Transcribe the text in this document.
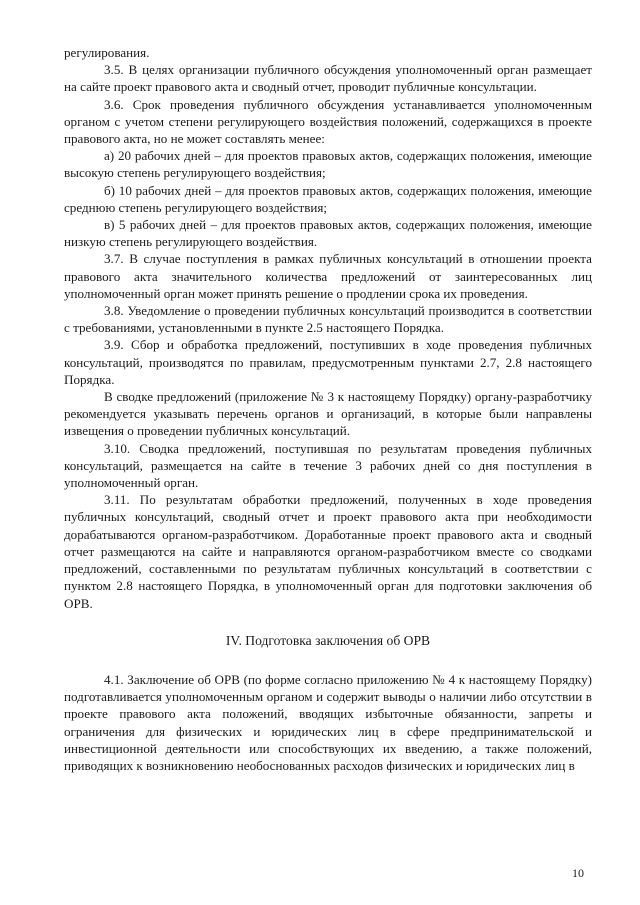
регулирования.

3.5. В целях организации публичного обсуждения уполномоченный орган размещает на сайте проект правового акта и сводный отчет, проводит публичные консультации.

3.6. Срок проведения публичного обсуждения устанавливается уполномоченным органом с учетом степени регулирующего воздействия положений, содержащихся в проекте правового акта, но не может составлять менее:

а) 20 рабочих дней – для проектов правовых актов, содержащих положения, имеющие высокую степень регулирующего воздействия;

б) 10 рабочих дней – для проектов правовых актов, содержащих положения, имеющие среднюю степень регулирующего воздействия;

в) 5 рабочих дней – для проектов правовых актов, содержащих положения, имеющие низкую степень регулирующего воздействия.

3.7. В случае поступления в рамках публичных консультаций в отношении проекта правового акта значительного количества предложений от заинтересованных лиц уполномоченный орган может принять решение о продлении срока их проведения.

3.8. Уведомление о проведении публичных консультаций производится в соответствии с требованиями, установленными в пункте 2.5 настоящего Порядка.

3.9. Сбор и обработка предложений, поступивших в ходе проведения публичных консультаций, производятся по правилам, предусмотренным пунктами 2.7, 2.8 настоящего Порядка.

В сводке предложений (приложение № 3 к настоящему Порядку) органу-разработчику рекомендуется указывать перечень органов и организаций, в которые были направлены извещения о проведении публичных консультаций.

3.10. Сводка предложений, поступившая по результатам проведения публичных консультаций, размещается на сайте в течение 3 рабочих дней со дня поступления в уполномоченный орган.

3.11. По результатам обработки предложений, полученных в ходе проведения публичных консультаций, сводный отчет и проект правового акта при необходимости дорабатываются органом-разработчиком. Доработанные проект правового акта и сводный отчет размещаются на сайте и направляются органом-разработчиком вместе со сводками предложений, составленными по результатам публичных консультаций в соответствии с пунктом 2.8 настоящего Порядка, в уполномоченный орган для подготовки заключения об ОРВ.

IV. Подготовка заключения об ОРВ

4.1. Заключение об ОРВ (по форме согласно приложению № 4 к настоящему Порядку) подготавливается уполномоченным органом и содержит выводы о наличии либо отсутствии в проекте правового акта положений, вводящих избыточные обязанности, запреты и ограничения для физических и юридических лиц в сфере предпринимательской и инвестиционной деятельности или способствующих их введению, а также положений, приводящих к возникновению необоснованных расходов физических и юридических лиц в

10
